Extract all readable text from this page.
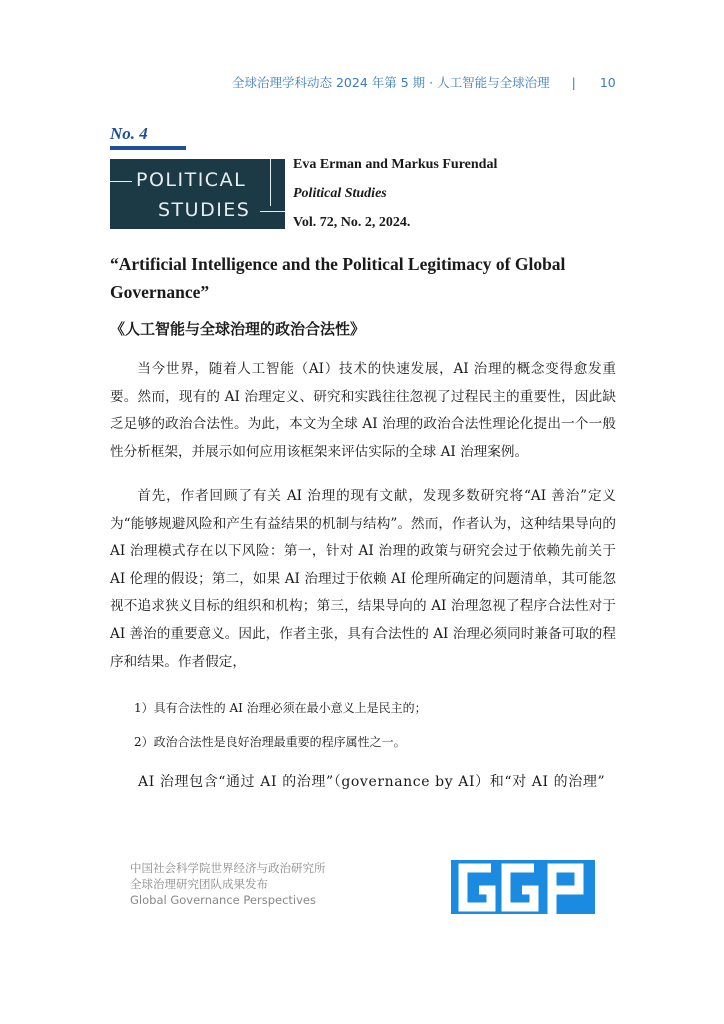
全球治理学科动态 2024 年第 5 期 · 人工智能与全球治理 | 10
No. 4
POLITICAL
STUDIES
Eva Erman and Markus Furendal
Political Studies
Vol. 72, No. 2, 2024.
“Artificial Intelligence and the Political Legitimacy of Global Governance”
《人工智能与全球治理的政治合法性》
当今世界，随着人工智能（AI）技术的快速发展，AI 治理的概念变得愈发重要。然而，现有的 AI 治理定义、研究和实践往往忽视了过程民主的重要性，因此缺乏足够的政治合法性。为此，本文为全球 AI 治理的政治合法性理论化提出一个一般性分析框架，并展示如何应用该框架来评估实际的全球 AI 治理案例。
首先，作者回顾了有关 AI 治理的现有文献，发现多数研究将“AI 善治”定义为“能够规避风险和产生有益结果的机制与结构”。然而，作者认为，这种结果导向的 AI 治理模式存在以下风险：第一，针对 AI 治理的政策与研究会过于依赖先前关于 AI 伦理的假设；第二，如果 AI 治理过于依赖 AI 伦理所确定的问题清单，其可能忽视不追求狭义目标的组织和机构；第三，结果导向的 AI 治理忽视了程序合法性对于 AI 善治的重要意义。因此，作者主张，具有合法性的 AI 治理必须同时兼备可取的程序和结果。作者假定，
1）具有合法性的 AI 治理必须在最小意义上是民主的；
2）政治合法性是良好治理最重要的程序属性之一。
AI 治理包含“通过 AI 的治理”（governance by AI）和“对 AI 的治理”
中国社会科学院世界经济与政治研究所
全球治理研究团队成果发布
Global Governance Perspectives
